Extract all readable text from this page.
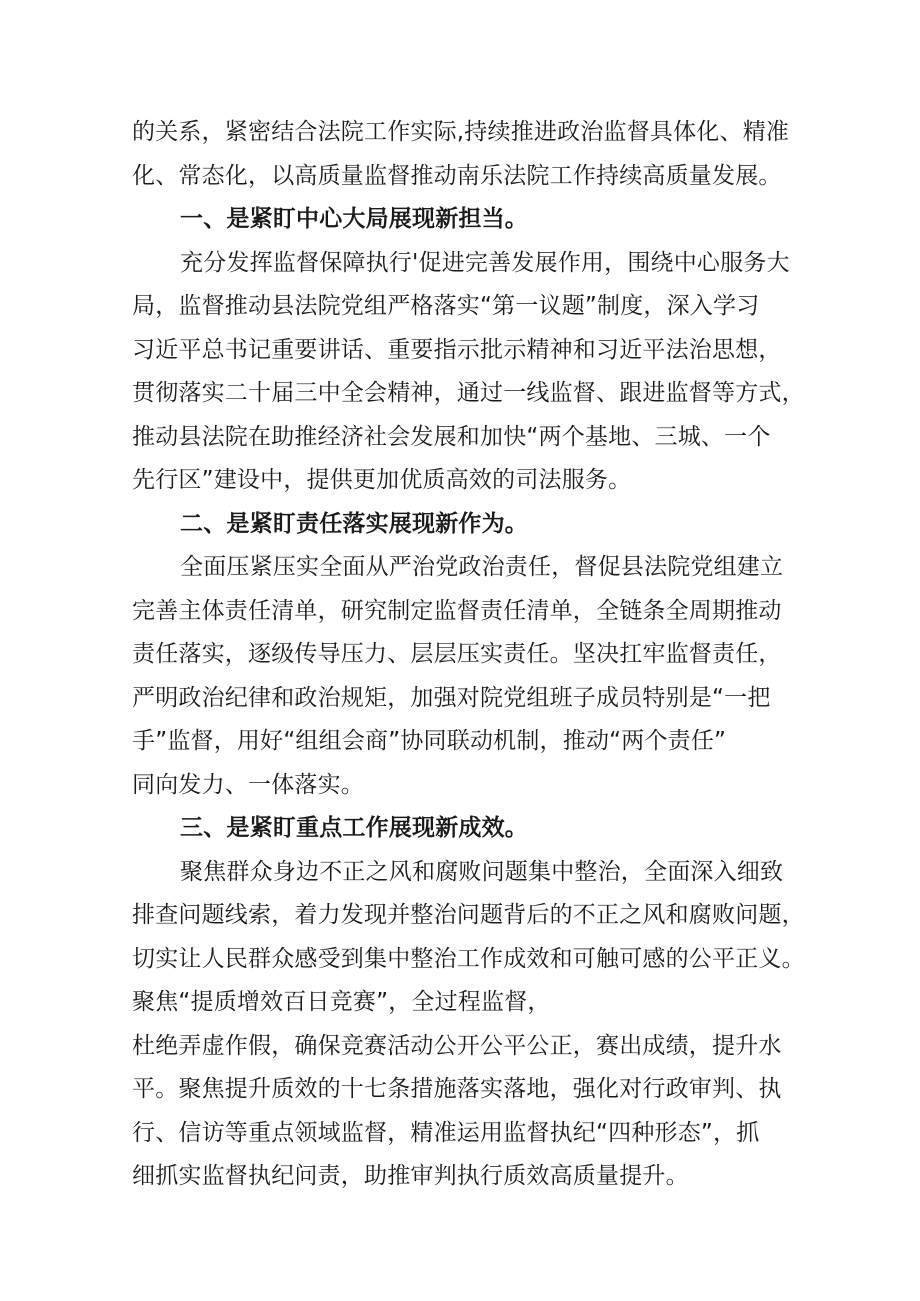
的关系，紧密结合法院工作实际,持续推进政治监督具体化、精准
化、常态化，以高质量监督推动南乐法院工作持续高质量发展。
一、是紧盯中心大局展现新担当。
充分发挥监督保障执行'促进完善发展作用，围绕中心服务大
局，监督推动县法院党组严格落实“第一议题”制度，深入学习
习近平总书记重要讲话、重要指示批示精神和习近平法治思想，
贯彻落实二十届三中全会精神，通过一线监督、跟进监督等方式，
推动县法院在助推经济社会发展和加快“两个基地、三城、一个
先行区”建设中，提供更加优质高效的司法服务。
二、是紧盯责任落实展现新作为。
全面压紧压实全面从严治党政治责任，督促县法院党组建立
完善主体责任清单，研究制定监督责任清单，全链条全周期推动
责任落实，逐级传导压力、层层压实责任。坚决扛牢监督责任，
严明政治纪律和政治规矩，加强对院党组班子成员特别是“一把
手”监督，用好“组组会商”协同联动机制，推动“两个责任”
同向发力、一体落实。
三、是紧盯重点工作展现新成效。
聚焦群众身边不正之风和腐败问题集中整治，全面深入细致
排查问题线索，着力发现并整治问题背后的不正之风和腐败问题，
切实让人民群众感受到集中整治工作成效和可触可感的公平正义。
聚焦“提质增效百日竞赛”，全过程监督，
杜绝弄虚作假，确保竞赛活动公开公平公正，赛出成绩，提升水
平。聚焦提升质效的十七条措施落实落地，强化对行政审判、执
行、信访等重点领域监督，精准运用监督执纪“四种形态”，抓
细抓实监督执纪问责，助推审判执行质效高质量提升。
